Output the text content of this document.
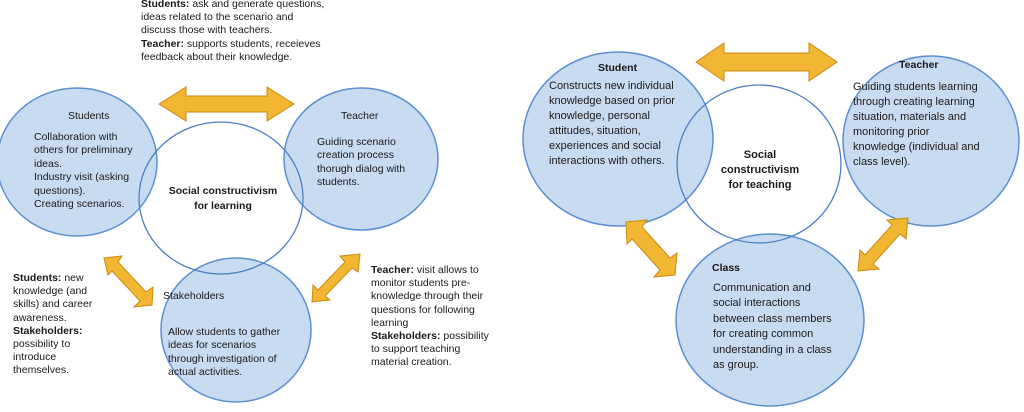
Students: ask and generate questions,
ideas related to the scenario and
discuss those with teachers.
Teacher: supports students, receieves
feedback about their knowledge.
Students
Collaboration with
others for preliminary
ideas.
Industry visit (asking
questions).
Creating scenarios.
Teacher
Guiding scenario
creation process
thorugh dialog with
students.
Social constructivism
for learning
Stakeholders
Allow students to gather
ideas for scenarios
through investigation of
actual activities.
Students: new
knowledge (and
skills) and career
awareness.
Stakeholders:
possibility to
introduce
themselves.
Teacher: visit allows to
monitor students pre-
knowledge through their
questions for following
learning
Stakeholders: possibility
to support teaching
material creation.
Student
Constructs new individual
knowledge based on prior
knowledge, personal
attitudes, situation,
experiences and social
interactions with others.
Teacher
Guiding students learning
through creating learning
situation, materials and
monitoring prior
knowledge (individual and
class level).
Social constructivism
for teaching
Class
Communication and
social interactions
between class members
for creating common
understanding in a class
as group.
